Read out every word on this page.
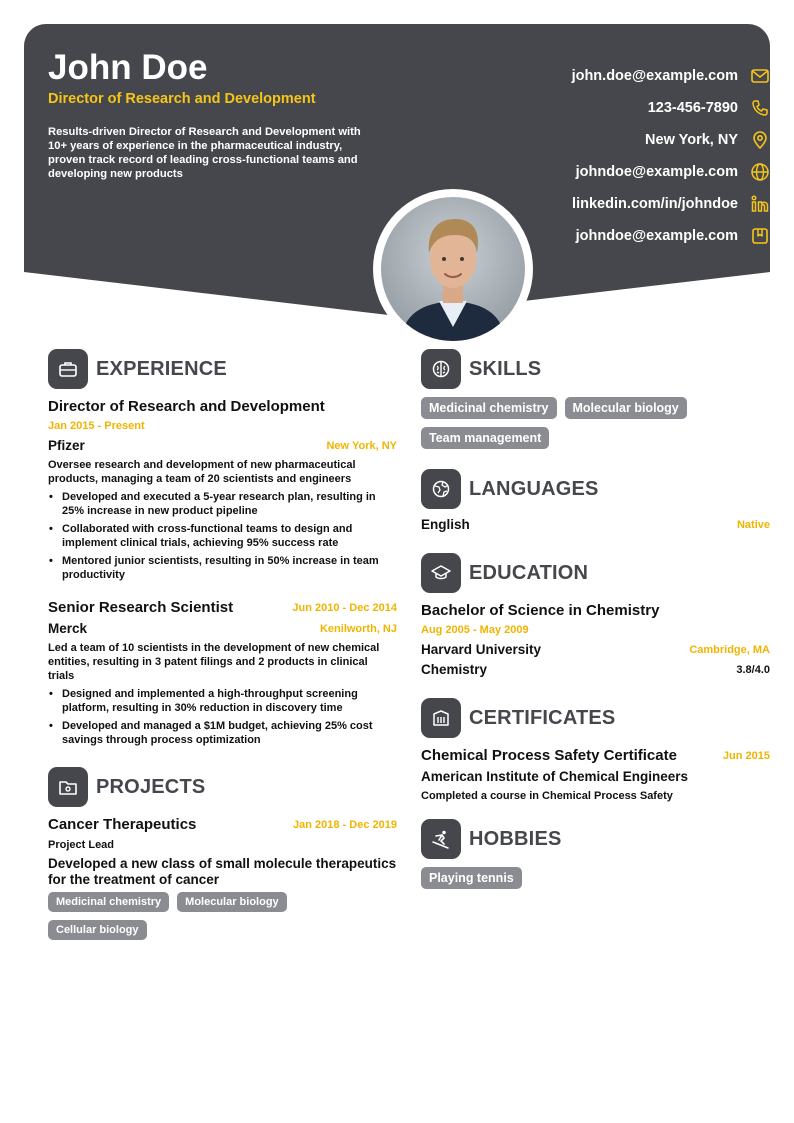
John Doe
Director of Research and Development
Results-driven Director of Research and Development with 10+ years of experience in the pharmaceutical industry, proven track record of leading cross-functional teams and developing new products
john.doe@example.com
123-456-7890
New York, NY
johndoe@example.com
linkedin.com/in/johndoe
johndoe@example.com
EXPERIENCE
Director of Research and Development
Jan 2015 - Present
Pfizer	New York, NY
Oversee research and development of new pharmaceutical products, managing a team of 20 scientists and engineers
• Developed and executed a 5-year research plan, resulting in 25% increase in new product pipeline
• Collaborated with cross-functional teams to design and implement clinical trials, achieving 95% success rate
• Mentored junior scientists, resulting in 50% increase in team productivity
Senior Research Scientist	Jun 2010 - Dec 2014
Merck	Kenilworth, NJ
Led a team of 10 scientists in the development of new chemical entities, resulting in 3 patent filings and 2 products in clinical trials
• Designed and implemented a high-throughput screening platform, resulting in 30% reduction in discovery time
• Developed and managed a $1M budget, achieving 25% cost savings through process optimization
PROJECTS
Cancer Therapeutics	Jan 2018 - Dec 2019
Project Lead
Developed a new class of small molecule therapeutics for the treatment of cancer
Medicinal chemistry	Molecular biology
Cellular biology
SKILLS
Medicinal chemistry	Molecular biology
Team management
LANGUAGES
English	Native
EDUCATION
Bachelor of Science in Chemistry
Aug 2005 - May 2009
Harvard University	Cambridge, MA
Chemistry	3.8/4.0
CERTIFICATES
Chemical Process Safety Certificate	Jun 2015
American Institute of Chemical Engineers
Completed a course in Chemical Process Safety
HOBBIES
Playing tennis
